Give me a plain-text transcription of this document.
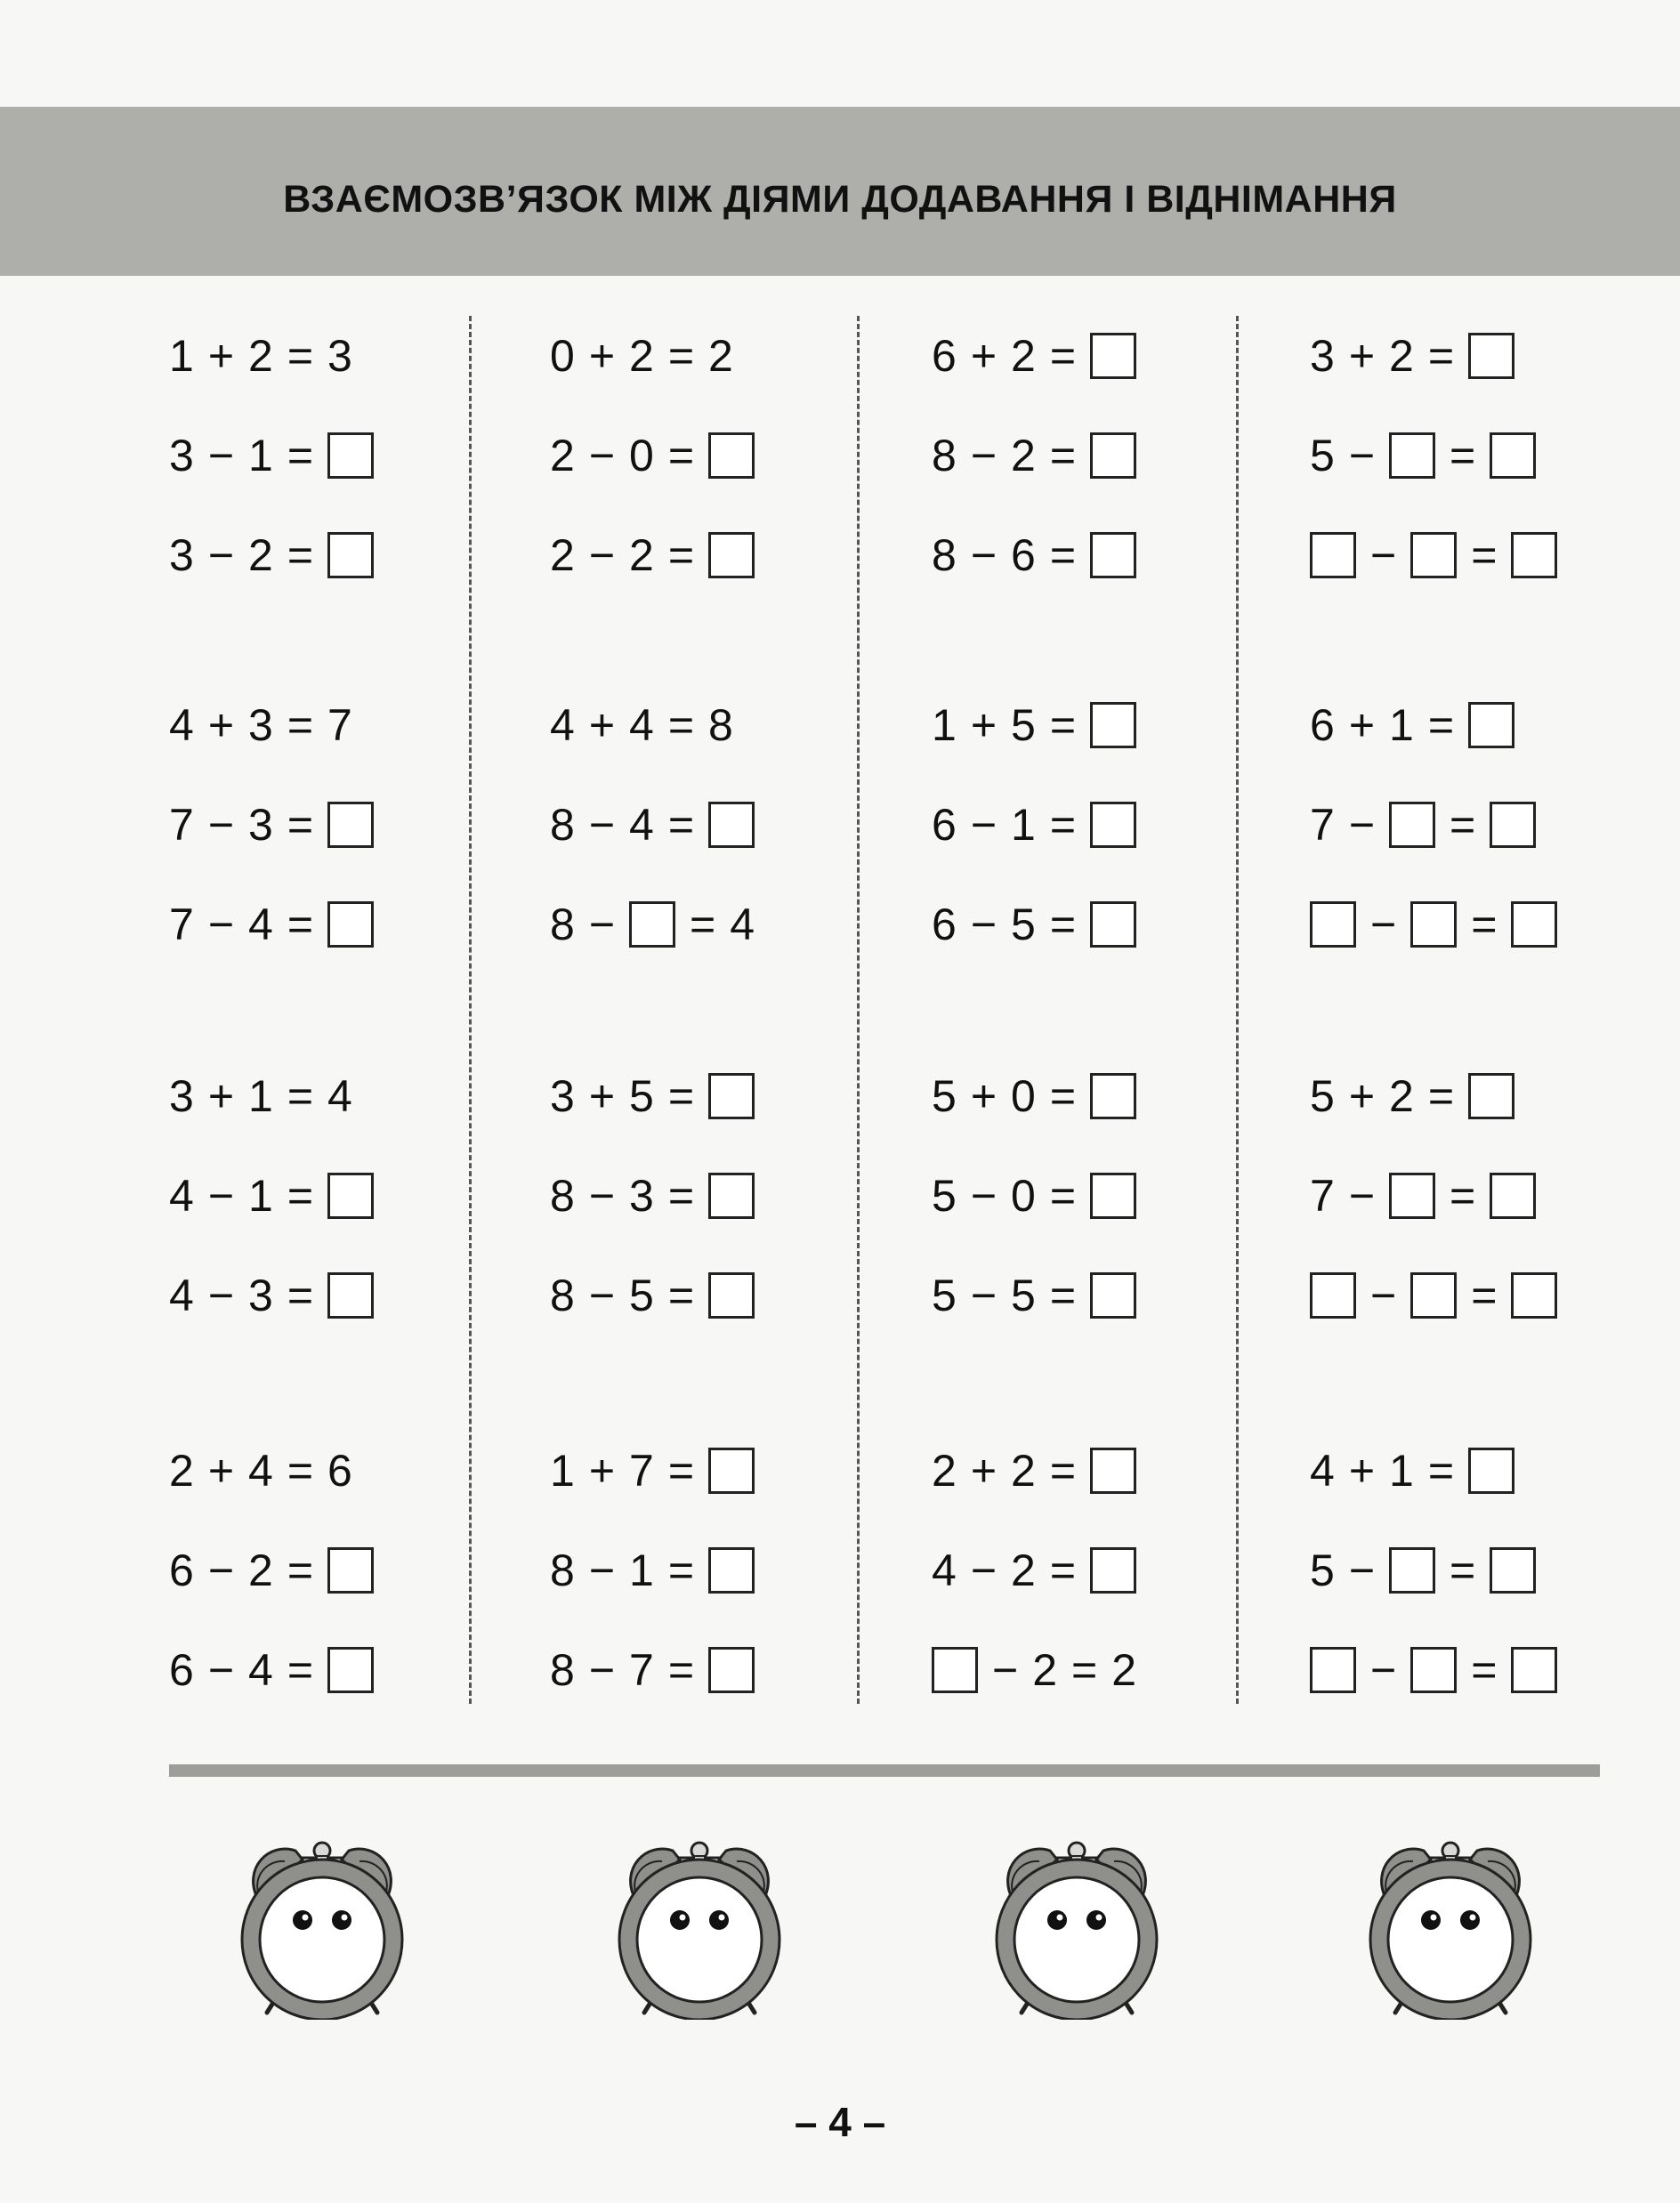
ВЗАЄМОЗВ’ЯЗОК МІЖ ДІЯМИ ДОДАВАННЯ І ВІДНІМАННЯ
1 + 2 = 3
3 − 1 =
3 − 2 =
4 + 3 = 7
7 − 3 =
7 − 4 =
3 + 1 = 4
4 − 1 =
4 − 3 =
2 + 4 = 6
6 − 2 =
6 − 4 =
0 + 2 = 2
2 − 0 =
2 − 2 =
4 + 4 = 8
8 − 4 =
8 − = 4
3 + 5 =
8 − 3 =
8 − 5 =
1 + 7 =
8 − 1 =
8 − 7 =
6 + 2 =
8 − 2 =
8 − 6 =
1 + 5 =
6 − 1 =
6 − 5 =
5 + 0 =
5 − 0 =
5 − 5 =
2 + 2 =
4 − 2 =
− 2 = 2
3 + 2 =
5 − =
− =
6 + 1 =
7 − =
− =
5 + 2 =
7 − =
− =
4 + 1 =
5 − =
− =
– 4 –
